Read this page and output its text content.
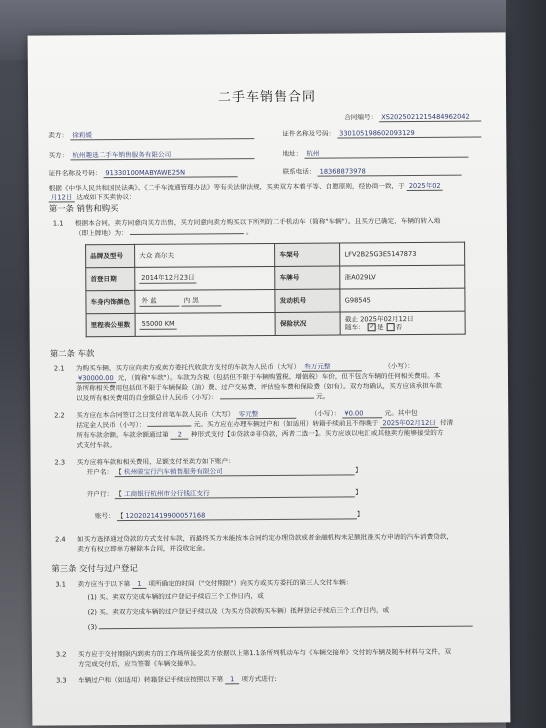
二手车销售合同
合同编号： XS2025021215484962042
卖方： 徐莉媛	证件名称及号码： 330105198602093129
买方： 杭州趣选二手车销售服务有限公司	地址： 杭州
证件名称及号码： 91330100MABYAWE25N	联系电话： 18368873978
根据《中华人民共和国民法典》、《二手车流通管理办法》等有关法律法规，买卖双方本着平等、自愿原则，经协商一致，于 2025年02
月12日 达成如下买卖协议：
第一条 销售和购买
1.1 根据本合同，卖方同意向买方出售，买方同意向卖方购买以下所列的二手机动车（简称"车辆"）。且买方已确定，车辆的转入地
（即上牌地）为：	。
品牌及型号	大众 高尔夫	车架号	LFV2B25G3E5147873
首登日期	2014年12月23日	车牌号	浙A029LV
车身内饰颜色	外 蓝 内 黑	发动机号	G98545
里程表公里数	55000 KM	保险状况	截止 2025年02月12日
随车： ✓ 是 否
第二条 车款
2.1 为购买车辆，买方应向卖方或卖方委托代收款方支付的车款为人民币（大写） 叁万元整	（小写）：
¥30000.00 元，（简称"车款"）。车款为含税（包括但不限于车辆购置税、增值税）车价，但不包含车辆的任何相关费用。本
条所称相关费用包括但不限于车辆保险（油）费、过户交易费、评估验车费和保险费（如有）。双方均确认，买方应该承担车款
以及所有相关费用的自金额总计人民币（小写）：	元。
2.2 买方应在本合同签订之日支付首笔车款人民币（大写） 零元整	（小写）： ¥0.00	元。其中包
括定金人民币（小写）：	元。买方应在办理车辆过户和（如适用）转籍手续前且不得晚于 2025年02月12日 付清
所有车款余额。车款余额通过第 2 种形式支付【①贷款②非贷款，两者二选一】。买方应该以电汇或其他卖方能够接受的方
式支付车款。
2.3 买方应将车款和相关费用，足额支付至卖方如下账户：
开户名： 【 杭州骏宝行汽车销售服务有限公司	】
开户行： 【 工商银行杭州市分行钱江支行	】
账号： 【 1202021419900057168	】
2.4 如买方选择通过贷款的方式支付车款，而最终买方未能按本合同约定办理贷款或者金融机构未足额批准买方申请的汽车消费贷款，
卖方有权立即单方解除本合同，并没收定金。
第三条 交付与过户登记
3.1 卖方应当于以下第 1 项所确定的时间（"交付期限"）向买方或买方委托的第三人交付车辆：
(1) 买、卖双方完成车辆的过户登记手续后三个工作日内，或
(2) 买、卖双方完成车辆的过户登记手续以及（为买方贷款购买车辆）抵押登记手续后三个工作日内，或
(3)
3.2 买方应于交付期限内到卖方的工作场所接受卖方依据以上第1.1条所列机动车与《车辆交接单》交付的车辆及随车材料与文件，双
方完成交付后，应当签署《车辆交接单》。
3.3 车辆过户和（如适用）转籍登记手续应按照以下第 1 项方式进行:
